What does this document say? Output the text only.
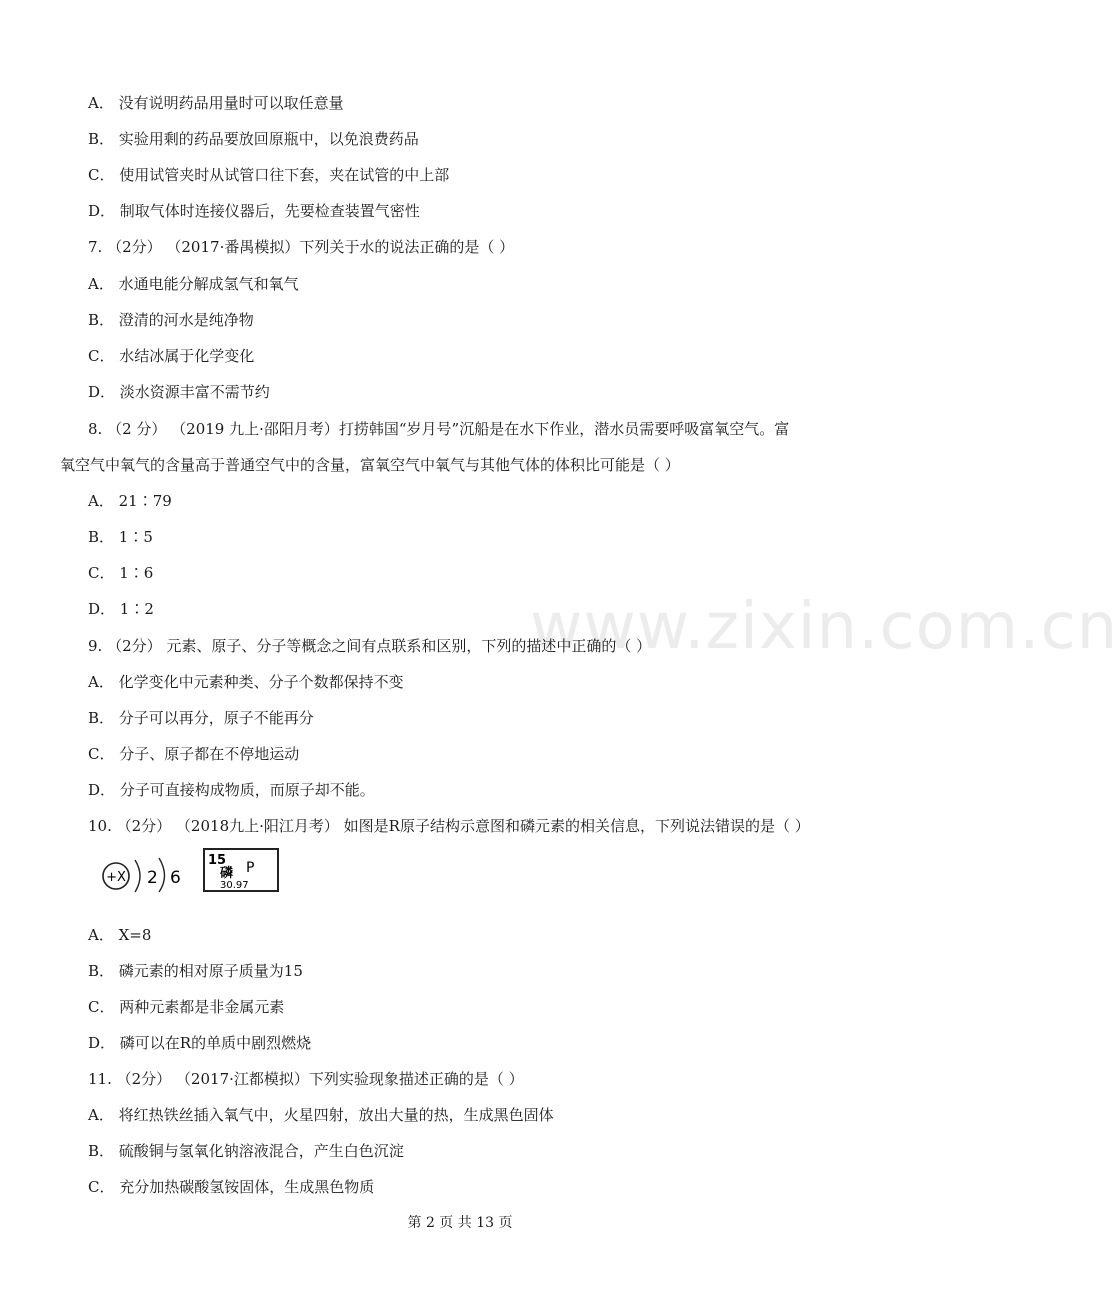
www.zixin.com.cn
A． 没有说明药品用量时可以取任意量
B． 实验用剩的药品要放回原瓶中，以免浪费药品
C． 使用试管夹时从试管口往下套，夹在试管的中上部
D． 制取气体时连接仪器后，先要检查装置气密性
7. （2分） （2017·番禺模拟）下列关于水的说法正确的是（ ）
A． 水通电能分解成氢气和氧气
B． 澄清的河水是纯净物
C． 水结冰属于化学变化
D． 淡水资源丰富不需节约
8. （2 分） （2019 九上·邵阳月考）打捞韩国“岁月号”沉船是在水下作业，潜水员需要呼吸富氧空气。富
氧空气中氧气的含量高于普通空气中的含量，富氧空气中氧气与其他气体的体积比可能是（ ）
A． 21∶79
B． 1∶5
C． 1∶6
D． 1∶2
9. （2分） 元素、原子、分子等概念之间有点联系和区别，下列的描述中正确的（ ）
A． 化学变化中元素种类、分子个数都保持不变
B． 分子可以再分，原子不能再分
C． 分子、原子都在不停地运动
D． 分子可直接构成物质，而原子却不能。
10. （2分） （2018九上·阳江月考） 如图是R原子结构示意图和磷元素的相关信息，下列说法错误的是（ ）
+X 2 6
15
磷 P
30.97
A． X=8
B． 磷元素的相对原子质量为15
C． 两种元素都是非金属元素
D． 磷可以在R的单质中剧烈燃烧
11. （2分） （2017·江都模拟）下列实验现象描述正确的是（ ）
A． 将红热铁丝插入氧气中，火星四射，放出大量的热，生成黑色固体
B． 硫酸铜与氢氧化钠溶液混合，产生白色沉淀
C． 充分加热碳酸氢铵固体，生成黑色物质
第 2 页 共 13 页
